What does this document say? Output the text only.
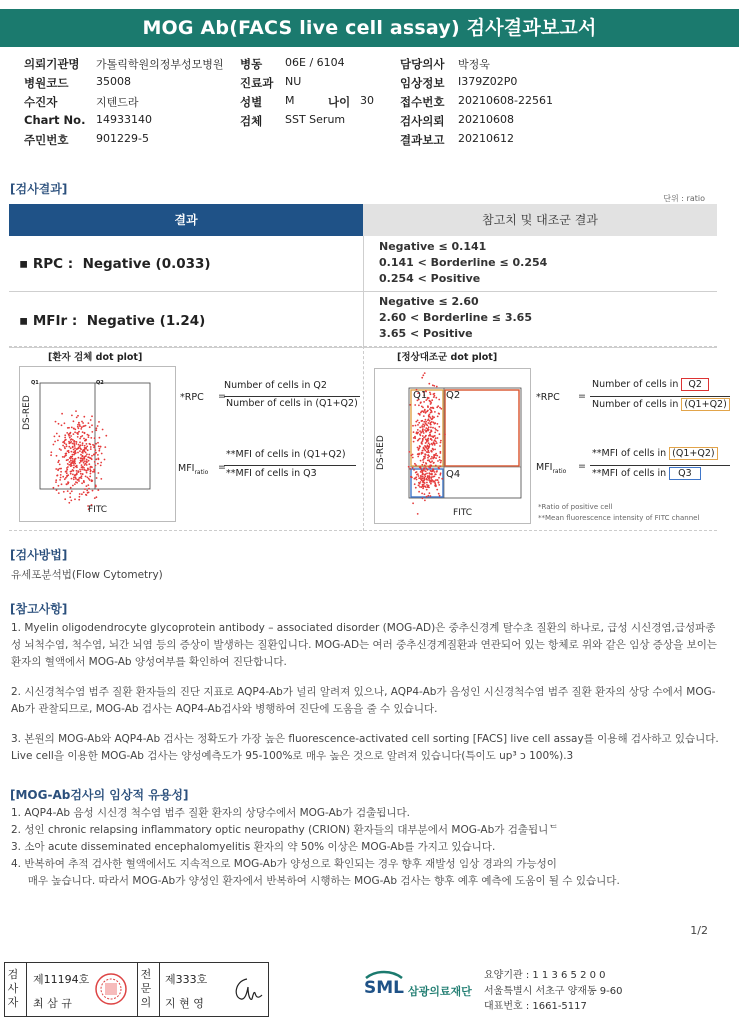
MOG Ab(FACS live cell assay) 검사결과보고서
의뢰기관명 가톨릭학원의정부성모병원 병동 06E / 6104	담당의사 박정욱
병원코드	35008	진료과 NU	임상정보 I379Z02P0
수진자	지텐드라	성별 M	나이 30 접수번호 20210608-22561
Chart No. 14933140	검체 SST Serum	검사의뢰 20210608
주민번호	901229-5	결과보고 20210612
[검사결과]
단위 : ratio
결과	참고치 및 대조군 결과
▪ RPC :  Negative (0.033)
Negative ≤ 0.141
0.141 < Borderline ≤ 0.254
0.254 < Positive
▪ MFIr :  Negative (1.24)
Negative ≤ 2.60
2.60 < Borderline ≤ 3.65
3.65 < Positive
[환자 검체 dot plot]	[정상대조군 dot plot]
Q1	Q2
DS-RED
FITC
*RPC =
Number of cells in Q2
Number of cells in (Q1+Q2)
$MFI_{ratio}$ =
**MFI of cells in (Q1+Q2)
**MFI of cells in Q3
Q1 Q2
Q4
DS-RED
FITC
*RPC =
Number of cells in Q2
Number of cells in (Q1+Q2)
$MFI_{ratio}$ =
**MFI of cells in (Q1+Q2)
**MFI of cells in Q3
*Ratio of positive cell
**Mean fluorescence intensity of FITC channel
[검사방법]
유세포분석법(Flow Cytometry)
[참고사항]
1. Myelin oligodendrocyte glycoprotein antibody – associated disorder (MOG-AD)은 중추신경계 탈수초 질환의 하나로, 급성 시신경염,급성파종성 뇌척수염, 척수염, 뇌간 뇌염 등의 증상이 발생하는 질환입니다. MOG-AD는 여러 중추신경계질환과 연관되어 있는 항체로 위와 같은 임상 증상을 보이는 환자의 혈액에서 MOG-Ab 양성여부를 확인하여 진단합니다.
2. 시신경척수염 범주 질환 환자들의 진단 지표로 AQP4-Ab가 널리 알려져 있으나, AQP4-Ab가 음성인 시신경척수염 범주 질환 환자의 상당 수에서 MOG-Ab가 관찰되므로, MOG-Ab 검사는 AQP4-Ab검사와 병행하여 진단에 도움을 줄 수 있습니다.
3. 본원의 MOG-Ab와 AQP4-Ab 검사는 정확도가 가장 높은 fluorescence-activated cell sorting [FACS] live cell assay를 이용해 검사하고 있습니다. Live cell을 이용한 MOG-Ab 검사는 양성예측도가 95-100%로 매우 높은 것으로 알려져 있습니다(특이도 up³ ↄ 100%).3
[MOG-Ab검사의 임상적 유용성]
1. AQP4-Ab 음성 시신경 척수염 범주 질환 환자의 상당수에서 MOG-Ab가 검출됩니다.
2. 성인 chronic relapsing inflammatory optic neuropathy (CRION) 환자들의 대부분에서 MOG-Ab가 검출됩니ᄃ
3. 소아 acute disseminated encephalomyelitis 환자의 약 50% 이상은 MOG-Ab를 가지고 있습니다.
4. 반복하여 추적 검사한 혈액에서도 지속적으로 MOG-Ab가 양성으로 확인되는 경우 향후 재발성 임상 경과의 가능성이
매우 높습니다. 따라서 MOG-Ab가 양성인 환자에서 반복하여 시행하는 MOG-Ab 검사는 향후 예후 예측에 도움이 될 수 있습니다.
1/2
검사자
제11194호
최 삼 규
전문의
제333호
지 현 영
SML 삼광의료재단
요양기관 : 1 1 3 6 5 2 0 0
서울특별시 서초구 양재동 9-60
대표번호 : 1661-5117
